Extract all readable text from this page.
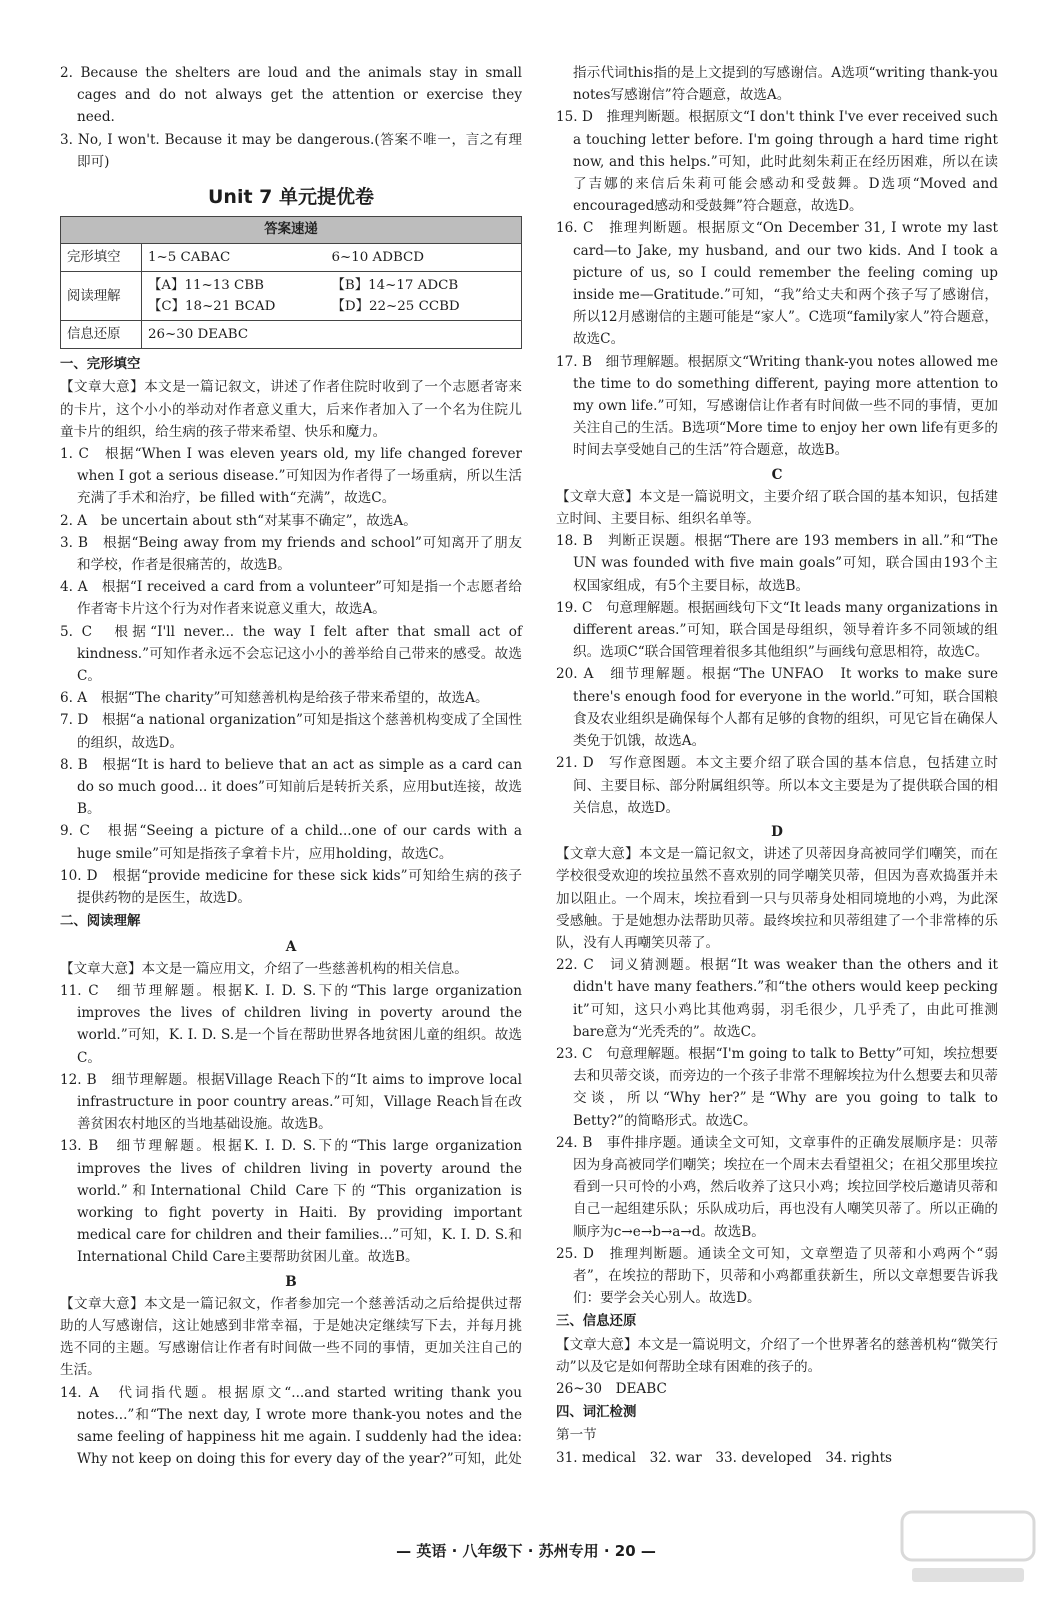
2. Because the shelters are loud and the animals stay in small cages and do not always get the attention or exercise they need.

3. No, I won't. Because it may be dangerous.(答案不唯一，言之有理即可)

Unit 7 单元提优卷
答案速递	
完形填空	1~5 CABAC 6~10 ADBCD

阅读理解	【A】11~13 CBB 【B】14~17 ADCB
【C】18~21 BCAD 【D】22~25 CCBD

信息还原	26~30 DEABC

一、完形填空

【文章大意】本文是一篇记叙文，讲述了作者住院时收到了一个志愿者寄来的卡片，这个小小的举动对作者意义重大，后来作者加入了一个名为住院儿童卡片的组织，给生病的孩子带来希望、快乐和魔力。

1. C　根据“When I was eleven years old, my life changed forever when I got a serious disease.”可知因为作者得了一场重病，所以生活充满了手术和治疗，be filled with“充满”，故选C。

2. A　be uncertain about sth“对某事不确定”，故选A。

3. B　根据“Being away from my friends and school”可知离开了朋友和学校，作者是很痛苦的，故选B。

4. A　根据“I received a card from a volunteer”可知是指一个志愿者给作者寄卡片这个行为对作者来说意义重大，故选A。

5. C　根据“I'll never... the way I felt after that small act of kindness.”可知作者永远不会忘记这小小的善举给自己带来的感受。故选C。

6. A　根据“The charity”可知慈善机构是给孩子带来希望的，故选A。

7. D　根据“a national organization”可知是指这个慈善机构变成了全国性的组织，故选D。

8. B　根据“It is hard to believe that an act as simple as a card can do so much good... it does”可知前后是转折关系，应用but连接，故选B。

9. C　根据“Seeing a picture of a child...one of our cards with a huge smile”可知是指孩子拿着卡片，应用holding，故选C。

10. D　根据“provide medicine for these sick kids”可知给生病的孩子提供药物的是医生，故选D。

二、阅读理解

A

【文章大意】本文是一篇应用文，介绍了一些慈善机构的相关信息。

11. C　细节理解题。根据K. I. D. S.下的“This large organization improves the lives of children living in poverty around the world.”可知，K. I. D. S.是一个旨在帮助世界各地贫困儿童的组织。故选C。

12. B　细节理解题。根据Village Reach下的“It aims to improve local infrastructure in poor country areas.”可知，Village Reach旨在改善贫困农村地区的当地基础设施。故选B。

13. B　细节理解题。根据K. I. D. S.下的“This large organization improves the lives of children living in poverty around the world.”和International Child Care下的“This organization is working to fight poverty in Haiti. By providing important medical care for children and their families...”可知，K. I. D. S.和International Child Care主要帮助贫困儿童。故选B。

B

【文章大意】本文是一篇记叙文，作者参加完一个慈善活动之后给提供过帮助的人写感谢信，这让她感到非常幸福，于是她决定继续写下去，并每月挑选不同的主题。写感谢信让作者有时间做一些不同的事情，更加关注自己的生活。

14. A　代词指代题。根据原文“...and started writing thank you notes...”和“The next day, I wrote more thank-you notes and the same feeling of happiness hit me again. I suddenly had the idea: Why not keep on doing this for every day of the year?”可知，此处

指示代词this指的是上文提到的写感谢信。A选项“writing thank-you notes写感谢信”符合题意，故选A。

15. D　推理判断题。根据原文“I don't think I've ever received such a touching letter before. I'm going through a hard time right now, and this helps.”可知，此时此刻朱莉正在经历困难，所以在读了吉娜的来信后朱莉可能会感动和受鼓舞。D选项“Moved and encouraged感动和受鼓舞”符合题意，故选D。

16. C　推理判断题。根据原文“On December 31, I wrote my last card—to Jake, my husband, and our two kids. And I took a picture of us, so I could remember the feeling coming up inside me—Gratitude.”可知，“我”给丈夫和两个孩子写了感谢信，所以12月感谢信的主题可能是“家人”。C选项“family家人”符合题意，故选C。

17. B　细节理解题。根据原文“Writing thank-you notes allowed me the time to do something different, paying more attention to my own life.”可知，写感谢信让作者有时间做一些不同的事情，更加关注自己的生活。B选项“More time to enjoy her own life有更多的时间去享受她自己的生活”符合题意，故选B。

C

【文章大意】本文是一篇说明文，主要介绍了联合国的基本知识，包括建立时间、主要目标、组织名单等。

18. B　判断正误题。根据“There are 193 members in all.”和“The UN was founded with five main goals”可知，联合国由193个主权国家组成，有5个主要目标，故选B。

19. C　句意理解题。根据画线句下文“It leads many organizations in different areas.”可知，联合国是母组织，领导着许多不同领域的组织。选项C“联合国管理着很多其他组织”与画线句意思相符，故选C。

20. A　细节理解题。根据“The UNFAO　It works to make sure there's enough food for everyone in the world.”可知，联合国粮食及农业组织是确保每个人都有足够的食物的组织，可见它旨在确保人类免于饥饿，故选A。

21. D　写作意图题。本文主要介绍了联合国的基本信息，包括建立时间、主要目标、部分附属组织等。所以本文主要是为了提供联合国的相关信息，故选D。

D

【文章大意】本文是一篇记叙文，讲述了贝蒂因身高被同学们嘲笑，而在学校很受欢迎的埃拉虽然不喜欢别的同学嘲笑贝蒂，但因为喜欢捣蛋并未加以阻止。一个周末，埃拉看到一只与贝蒂身处相同境地的小鸡，为此深受感触。于是她想办法帮助贝蒂。最终埃拉和贝蒂组建了一个非常棒的乐队，没有人再嘲笑贝蒂了。

22. C　词义猜测题。根据“It was weaker than the others and it didn't have many feathers.”和“the others would keep pecking it”可知，这只小鸡比其他鸡弱，羽毛很少，几乎秃了，由此可推测bare意为“光秃秃的”。故选C。

23. C　句意理解题。根据“I'm going to talk to Betty”可知，埃拉想要去和贝蒂交谈，而旁边的一个孩子非常不理解埃拉为什么想要去和贝蒂交谈，所以“Why her?”是“Why are you going to talk to Betty?”的简略形式。故选C。

24. B　事件排序题。通读全文可知，文章事件的正确发展顺序是：贝蒂因为身高被同学们嘲笑；埃拉在一个周末去看望祖父；在祖父那里埃拉看到一只可怜的小鸡，然后收养了这只小鸡；埃拉回学校后邀请贝蒂和自己一起组建乐队；乐队成功后，再也没有人嘲笑贝蒂了。所以正确的顺序为c→e→b→a→d。故选B。

25. D　推理判断题。通读全文可知，文章塑造了贝蒂和小鸡两个“弱者”，在埃拉的帮助下，贝蒂和小鸡都重获新生，所以文章想要告诉我们：要学会关心别人。故选D。

三、信息还原

【文章大意】本文是一篇说明文，介绍了一个世界著名的慈善机构“微笑行动”以及它是如何帮助全球有困难的孩子的。

26~30　DEABC

四、词汇检测

第一节

31. medical　32. war　33. developed　34. rights

— 英语 · 八年级下 · 苏州专用 · 20 —
